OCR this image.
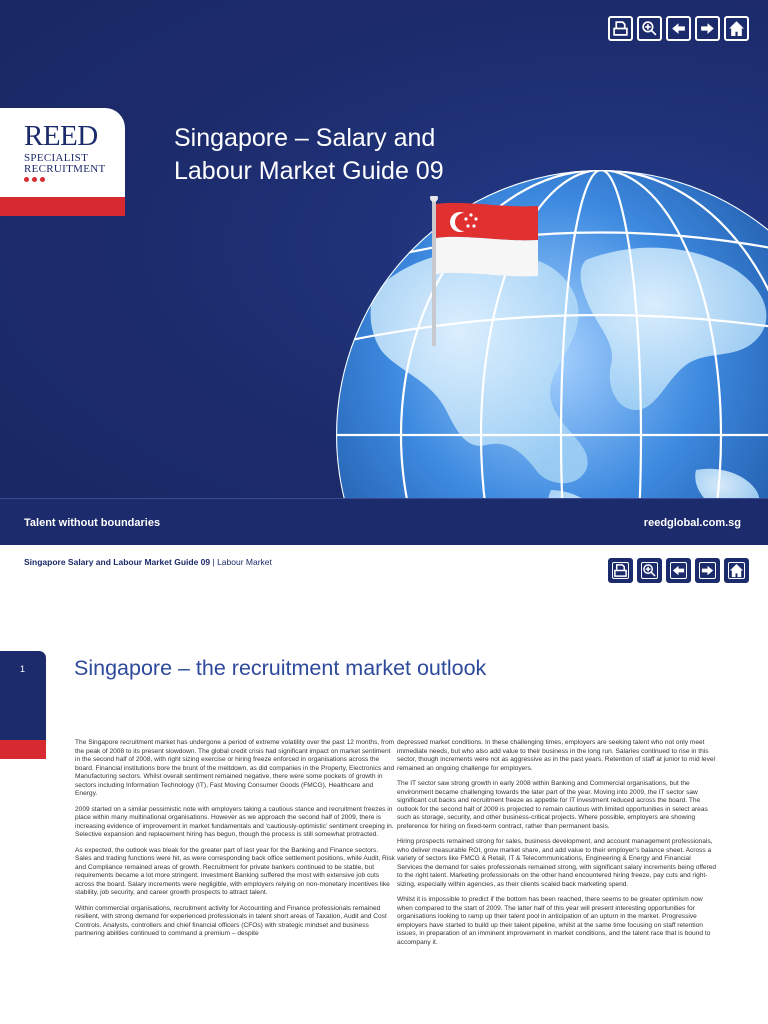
REED
SPECIALIST
RECRUITMENT
Singapore – Salary and
Labour Market Guide 09
Talent without boundaries	reedglobal.com.sg
Singapore Salary and Labour Market Guide 09 | Labour Market
1 Singapore – the recruitment market outlook

The Singapore recruitment market has undergone a period of extreme volatility over the past 12 months, from the peak of 2008 to its present slowdown. The global credit crisis had significant impact on market sentiment in the second half of 2008, with right sizing exercise or hiring freeze enforced in organisations across the board. Financial institutions bore the brunt of the meltdown, as did companies in the Property, Electronics and Manufacturing sectors. Whilst overall sentiment remained negative, there were some pockets of growth in sectors including Information Technology (IT), Fast Moving Consumer Goods (FMCG), Healthcare and Energy.

2009 started on a similar pessimistic note with employers taking a cautious stance and recruitment freezes in place within many multinational organisations. However as we approach the second half of 2009, there is increasing evidence of improvement in market fundamentals and ‘cautiously-optimistic’ sentiment creeping in. Selective expansion and replacement hiring has begun, though the process is still somewhat protracted.

As expected, the outlook was bleak for the greater part of last year for the Banking and Finance sectors. Sales and trading functions were hit, as were corresponding back office settlement positions, while Audit, Risk and Compliance remained areas of growth. Recruitment for private bankers continued to be stable, but requirements became a lot more stringent. Investment Banking suffered the most with extensive job cuts across the board. Salary increments were negligible, with employers relying on non-monetary incentives like stability, job security, and career growth prospects to attract talent.

Within commercial organisations, recruitment activity for Accounting and Finance professionals remained resilient, with strong demand for experienced professionals in talent short areas of Taxation, Audit and Cost Controls. Analysts, controllers and chief financial officers (CFOs) with strategic mindset and business partnering abilities continued to command a premium – despite

depressed market conditions. In these challenging times, employers are seeking talent who not only meet immediate needs, but who also add value to their business in the long run. Salaries continued to rise in this sector, though increments were not as aggressive as in the past years. Retention of staff at junior to mid level remained an ongoing challenge for employers.

The IT sector saw strong growth in early 2008 within Banking and Commercial organisations, but the environment became challenging towards the later part of the year. Moving into 2009, the IT sector saw significant cut backs and recruitment freeze as appetite for IT investment reduced across the board. The outlook for the second half of 2009 is projected to remain cautious with limited opportunities in select areas such as storage, security, and other business-critical projects. Where possible, employers are showing preference for hiring on fixed-term contract, rather than permanent basis.

Hiring prospects remained strong for sales, business development, and account management professionals, who deliver measurable ROI, grow market share, and add value to their employer’s balance sheet. Across a variety of sectors like FMCG & Retail, IT & Telecommunications, Engineering & Energy and Financial Services the demand for sales professionals remained strong, with significant salary increments being offered to the right talent. Marketing professionals on the other hand encountered hiring freeze, pay cuts and right-sizing, especially within agencies, as their clients scaled back marketing spend.

Whilst it is impossible to predict if the bottom has been reached, there seems to be greater optimism now when compared to the start of 2009. The latter half of this year will present interesting opportunities for organisations looking to ramp up their talent pool in anticipation of an upturn in the market. Progressive employers have started to build up their talent pipeline, whilst at the same time focusing on staff retention issues, in preparation of an imminent improvement in market conditions, and the talent race that is bound to accompany it.
